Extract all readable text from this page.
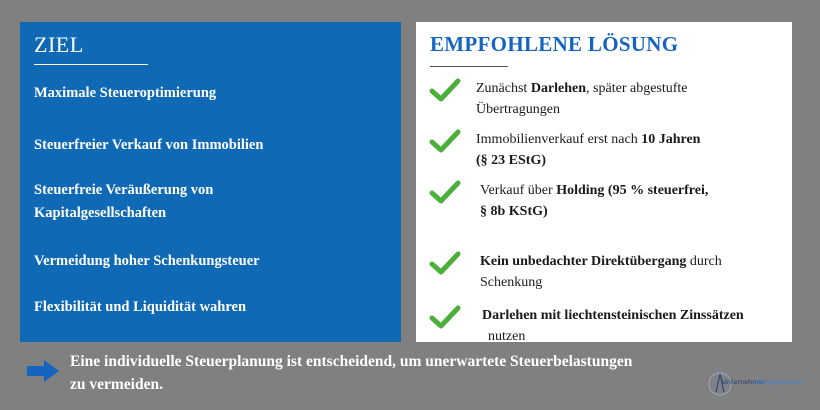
ZIEL
Maximale Steueroptimierung
Steuerfreier Verkauf von Immobilien
Steuerfreie Veräußerung von
Kapitalgesellschaften
Vermeidung hoher Schenkungsteuer
Flexibilität und Liquidität wahren
EMPFOHLENE LÖSUNG
Zunächst Darlehen, später abgestufte
Übertragungen
Immobilienverkauf erst nach 10 Jahren
(§ 23 EStG)
Verkauf über Holding (95 % steuerfrei,
§ 8b KStG)
Kein unbedachter Direktübergang durch
Schenkung
Darlehen mit liechtensteinischen Zinssätzen
nutzen
Eine individuelle Steuerplanung ist entscheidend, um unerwartete Steuerbelastungen
zu vermeiden.	Unternehmer
Kompositionen
